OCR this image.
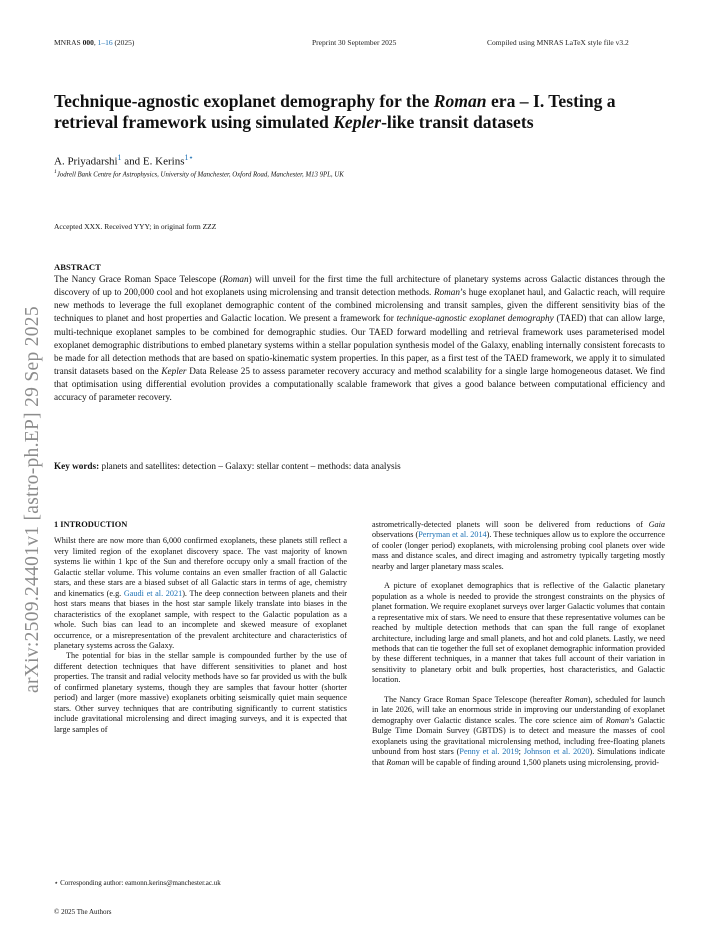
MNRAS 000, 1–16 (2025)	Preprint 30 September 2025	Compiled using MNRAS LaTeX style file v3.2
Technique-agnostic exoplanet demography for the Roman era – I. Testing a retrieval framework using simulated Kepler-like transit datasets
A. Priyadarshi$^1$ and E. Kerins$^{1⋆}$
$^1$Jodrell Bank Centre for Astrophysics, University of Manchester, Oxford Road, Manchester, M13 9PL, UK
Accepted XXX. Received YYY; in original form ZZZ
ABSTRACT

The Nancy Grace Roman Space Telescope (Roman) will unveil for the first time the full architecture of planetary systems across Galactic distances through the discovery of up to 200,000 cool and hot exoplanets using microlensing and transit detection methods. Roman’s huge exoplanet haul, and Galactic reach, will require new methods to leverage the full exoplanet demographic content of the combined microlensing and transit samples, given the different sensitivity bias of the techniques to planet and host properties and Galactic location. We present a framework for technique-agnostic exoplanet demography (TAED) that can allow large, multi-technique exoplanet samples to be combined for demographic studies. Our TAED forward modelling and retrieval framework uses parameterised model exoplanet demographic distributions to embed planetary systems within a stellar population synthesis model of the Galaxy, enabling internally consistent forecasts to be made for all detection methods that are based on spatio-kinematic system properties. In this paper, as a first test of the TAED framework, we apply it to simulated transit datasets based on the Kepler Data Release 25 to assess parameter recovery accuracy and method scalability for a single large homogeneous dataset. We find that optimisation using differential evolution provides a computationally scalable framework that gives a good balance between computational efficiency and accuracy of parameter recovery.

Key words: planets and satellites: detection – Galaxy: stellar content – methods: data analysis
arXiv:2509.24401v1 [astro-ph.EP] 29 Sep 2025	1 INTRODUCTION

Whilst there are now more than 6,000 confirmed exoplanets, these planets still reflect a very limited region of the exoplanet discovery space. The vast majority of known systems lie within 1 kpc of the Sun and therefore occupy only a small fraction of the Galactic stellar volume. This volume contains an even smaller fraction of all Galactic stars, and these stars are a biased subset of all Galactic stars in terms of age, chemistry and kinematics (e.g. Gaudi et al. 2021). The deep connection between planets and their host stars means that biases in the host star sample likely translate into biases in the characteristics of the exoplanet sample, with respect to the Galactic population as a whole. Such bias can lead to an incomplete and skewed measure of exoplanet occurrence, or a misrepresentation of the prevalent architecture and characteristics of planetary systems across the Galaxy.

The potential for bias in the stellar sample is compounded further by the use of different detection techniques that have different sensitivities to planet and host properties. The transit and radial velocity methods have so far provided us with the bulk of confirmed planetary systems, though they are samples that favour hotter (shorter period) and larger (more massive) exoplanets orbiting seismically quiet main sequence stars. Other survey techniques that are contributing significantly to current statistics include gravitational microlensing and direct imaging surveys, and it is expected that large samples of

astrometrically-detected planets will soon be delivered from reductions of Gaia observations (Perryman et al. 2014). These techniques allow us to explore the occurrence of cooler (longer period) exoplanets, with microlensing probing cool planets over wide mass and distance scales, and direct imaging and astrometry typically targeting mostly nearby and larger planetary mass scales.

A picture of exoplanet demographics that is reflective of the Galactic planetary population as a whole is needed to provide the strongest constraints on the physics of planet formation. We require exoplanet surveys over larger Galactic volumes that contain a representative mix of stars. We need to ensure that these representative volumes can be reached by multiple detection methods that can span the full range of exoplanet architecture, including large and small planets, and hot and cold planets. Lastly, we need methods that can tie together the full set of exoplanet demographic information provided by these different techniques, in a manner that takes full account of their variation in sensitivity to planetary orbit and bulk properties, host characteristics, and Galactic location.

The Nancy Grace Roman Space Telescope (hereafter Roman), scheduled for launch in late 2026, will take an enormous stride in improving our understanding of exoplanet demography over Galactic distance scales. The core science aim of Roman’s Galactic Bulge Time Domain Survey (GBTDS) is to detect and measure the masses of cool exoplanets using the gravitational microlensing method, including free-floating planets unbound from host stars (Penny et al. 2019; Johnson et al. 2020). Simulations indicate that Roman will be capable of finding around 1,500 planets using microlensing, provid-

⋆ Corresponding author: eamonn.kerins@manchester.ac.uk
© 2025 The Authors
